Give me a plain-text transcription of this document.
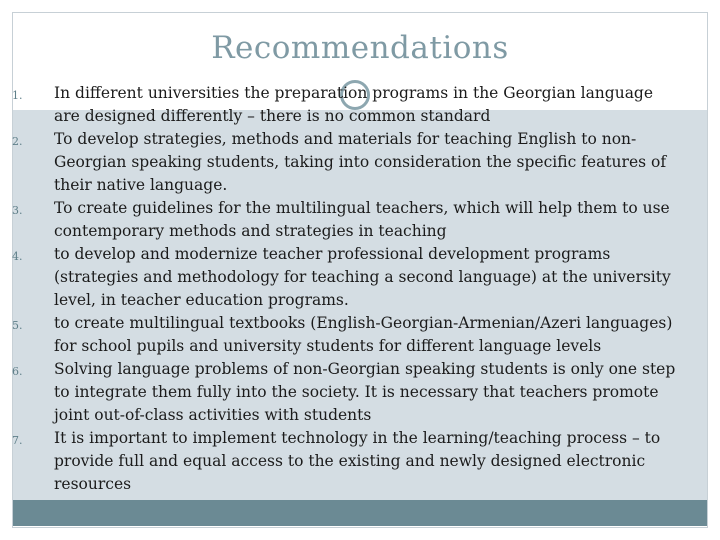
Recommendations
1. In different universities the preparation programs in the Georgian language are designed differently – there is no common standard
2. To develop strategies, methods and materials for teaching English to non-Georgian speaking students, taking into consideration the specific features of their native language.
3. To create guidelines for the multilingual teachers, which will help them to use contemporary methods and strategies in teaching
4. to develop and modernize teacher professional development programs (strategies and methodology for teaching a second language) at the university level, in teacher education programs.
5. to create multilingual textbooks (English-Georgian-Armenian/Azeri languages) for school pupils and university students for different language levels
6. Solving language problems of non-Georgian speaking students is only one step to integrate them fully into the society. It is necessary that teachers promote joint out-of-class activities with students
7. It is important to implement technology in the learning/teaching process – to provide full and equal access to the existing and newly designed electronic resources
